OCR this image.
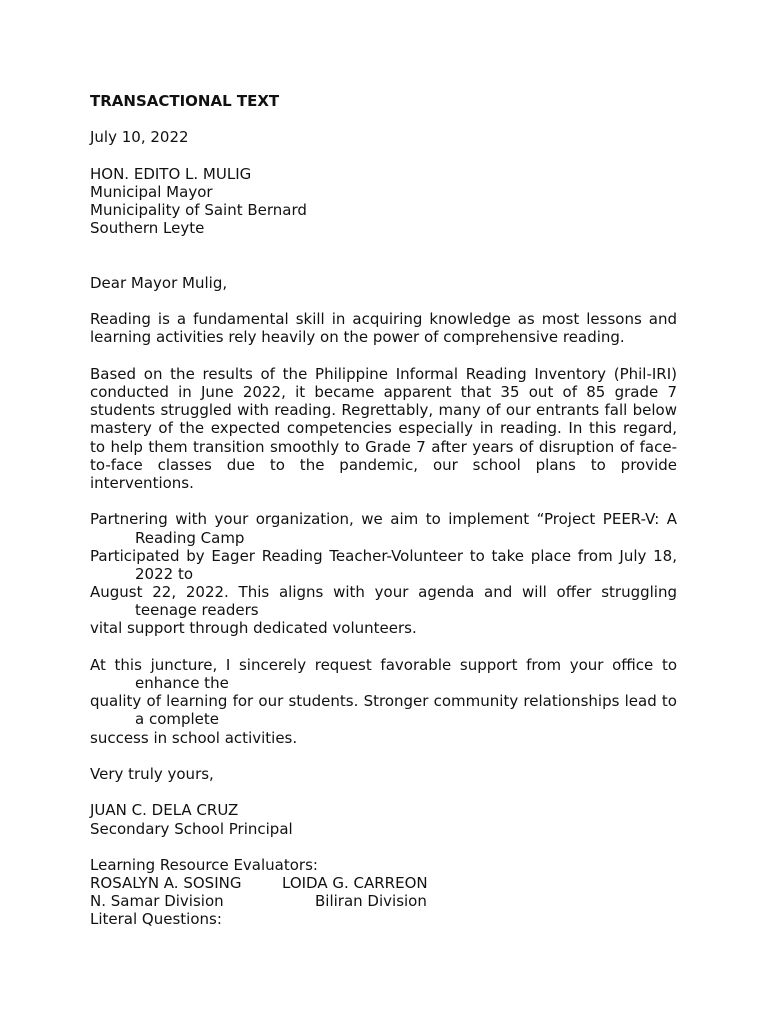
TRANSACTIONAL TEXT
July 10, 2022
HON. EDITO L. MULIG
Municipal Mayor
Municipality of Saint Bernard
Southern Leyte
Dear Mayor Mulig,
Reading is a fundamental skill in acquiring knowledge as most lessons and
learning activities rely heavily on the power of comprehensive reading.
Based on the results of the Philippine Informal Reading Inventory (Phil-IRI)
conducted in June 2022, it became apparent that 35 out of 85 grade 7
students struggled with reading. Regrettably, many of our entrants fall below
mastery of the expected competencies especially in reading. In this regard,
to help them transition smoothly to Grade 7 after years of disruption of face-
to-face classes due to the pandemic, our school plans to provide
interventions.
Partnering with your organization, we aim to implement “Project PEER-V: A
Reading Camp
Participated by Eager Reading Teacher-Volunteer to take place from July 18,
2022 to
August 22, 2022. This aligns with your agenda and will offer struggling
teenage readers
vital support through dedicated volunteers.
At this juncture, I sincerely request favorable support from your office to
enhance the
quality of learning for our students. Stronger community relationships lead to
a complete
success in school activities.
Very truly yours,
JUAN C. DELA CRUZ
Secondary School Principal
Learning Resource Evaluators:
ROSALYN A. SOSING	LOIDA G. CARREON
N. Samar Division	Biliran Division
Literal Questions:
